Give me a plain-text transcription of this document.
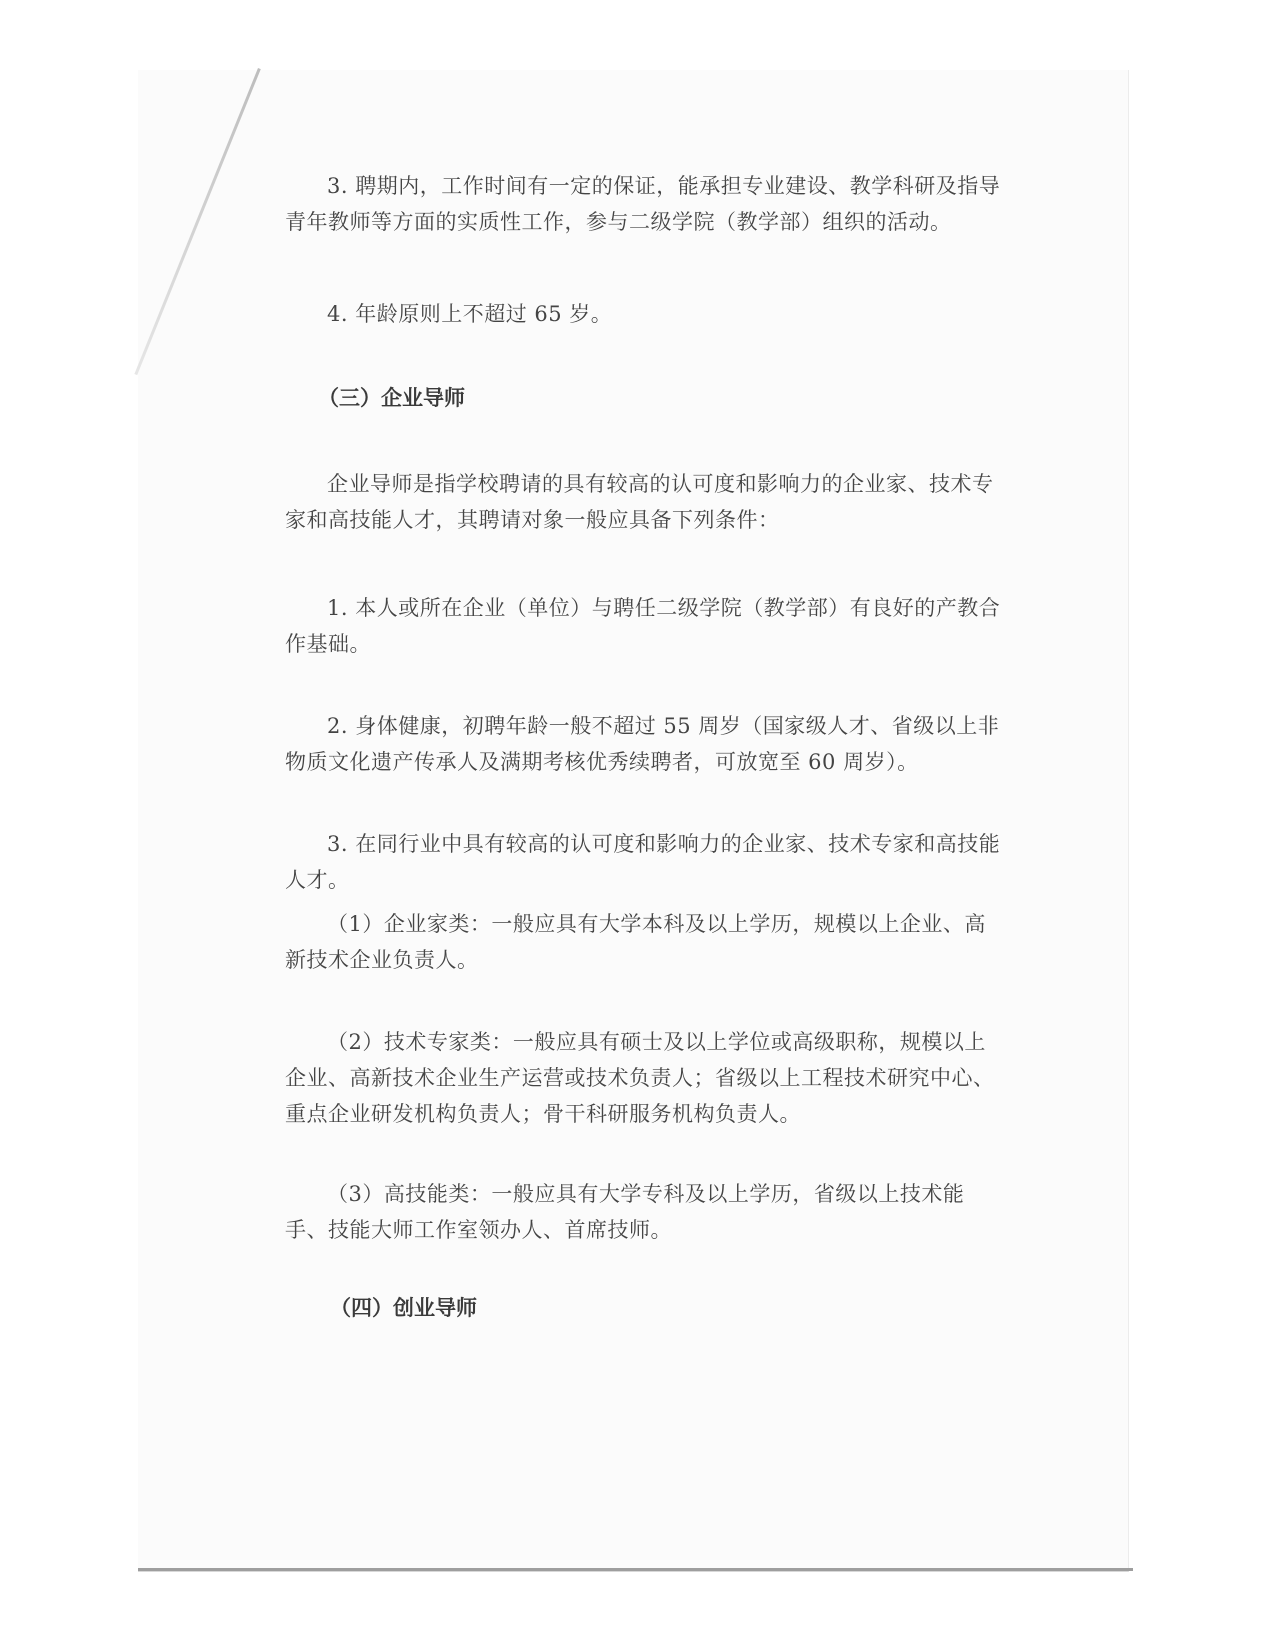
3. 聘期内，工作时间有一定的保证，能承担专业建设、教学科研及指导青年教师等方面的实质性工作，参与二级学院（教学部）组织的活动。

4. 年龄原则上不超过 65 岁。

（三）企业导师

企业导师是指学校聘请的具有较高的认可度和影响力的企业家、技术专家和高技能人才，其聘请对象一般应具备下列条件：

1. 本人或所在企业（单位）与聘任二级学院（教学部）有良好的产教合作基础。

2. 身体健康，初聘年龄一般不超过 55 周岁（国家级人才、省级以上非物质文化遗产传承人及满期考核优秀续聘者，可放宽至 60 周岁）。

3. 在同行业中具有较高的认可度和影响力的企业家、技术专家和高技能人才。

（1）企业家类：一般应具有大学本科及以上学历，规模以上企业、高新技术企业负责人。

（2）技术专家类：一般应具有硕士及以上学位或高级职称，规模以上企业、高新技术企业生产运营或技术负责人；省级以上工程技术研究中心、重点企业研发机构负责人；骨干科研服务机构负责人。

（3）高技能类：一般应具有大学专科及以上学历，省级以上技术能手、技能大师工作室领办人、首席技师。

（四）创业导师
